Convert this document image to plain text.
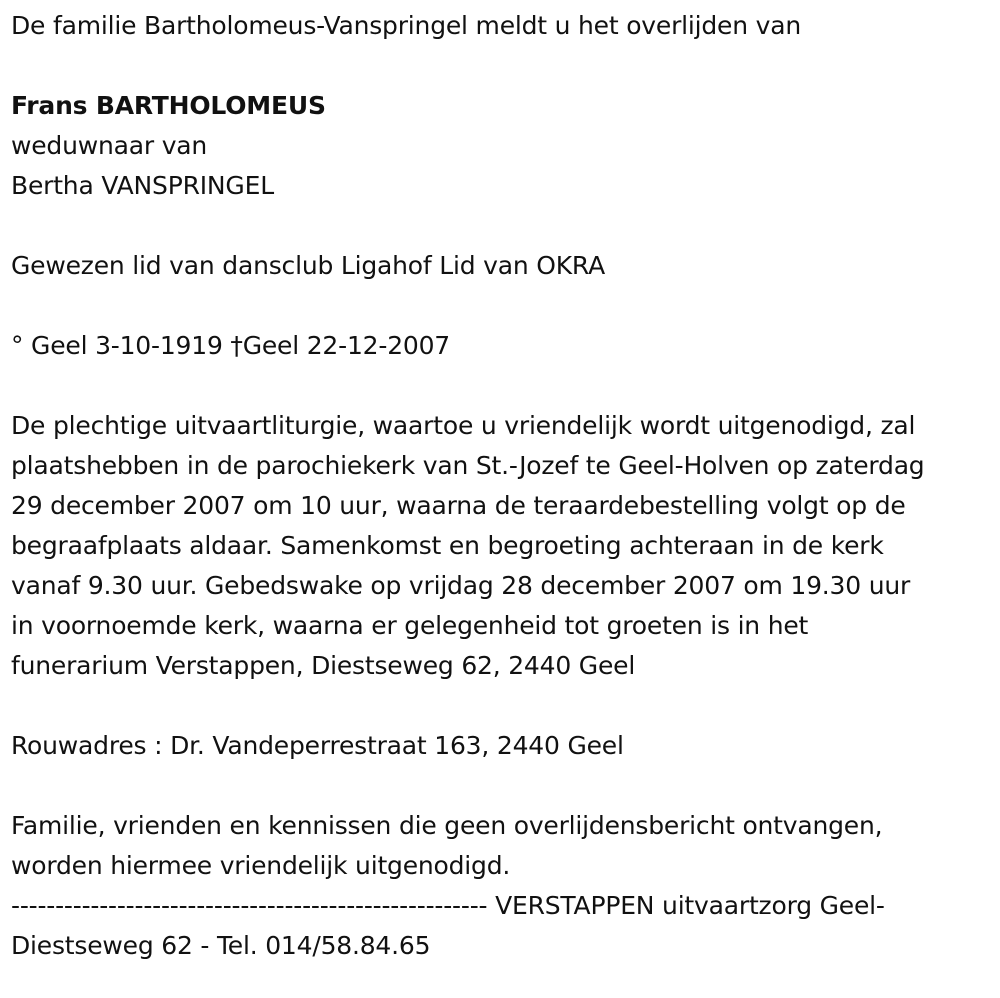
De familie Bartholomeus-Vanspringel meldt u het overlijden van
Frans BARTHOLOMEUS
weduwnaar van
Bertha VANSPRINGEL
Gewezen lid van dansclub Ligahof Lid van OKRA
° Geel 3-10-1919 †Geel 22-12-2007
De plechtige uitvaartliturgie, waartoe u vriendelijk wordt uitgenodigd, zal
plaatshebben in de parochiekerk van St.-Jozef te Geel-Holven op zaterdag
29 december 2007 om 10 uur, waarna de teraardebestelling volgt op de
begraafplaats aldaar. Samenkomst en begroeting achteraan in de kerk
vanaf 9.30 uur. Gebedswake op vrijdag 28 december 2007 om 19.30 uur
in voornoemde kerk, waarna er gelegenheid tot groeten is in het
funerarium Verstappen, Diestseweg 62, 2440 Geel
Rouwadres : Dr. Vandeperrestraat 163, 2440 Geel
Familie, vrienden en kennissen die geen overlijdensbericht ontvangen,
worden hiermee vriendelijk uitgenodigd.
------------------------------------------------------ VERSTAPPEN uitvaartzorg Geel-
Diestseweg 62 - Tel. 014/58.84.65
